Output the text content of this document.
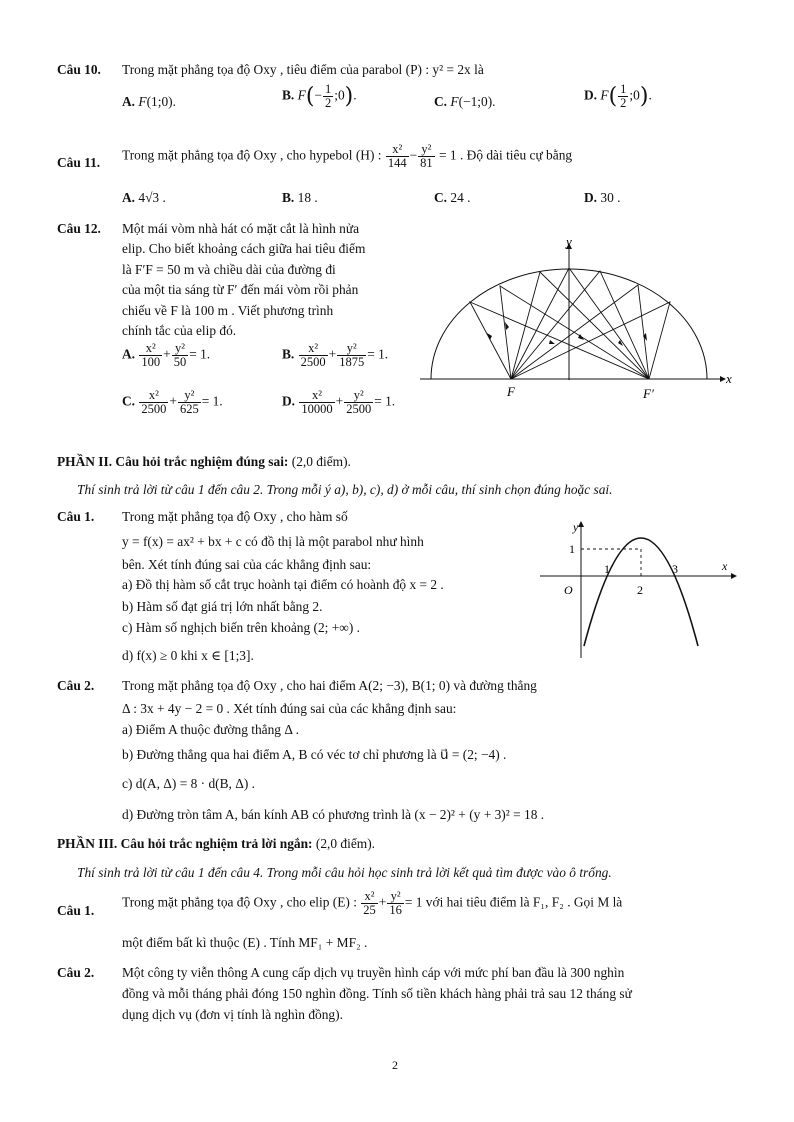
Câu 10. Trong mặt phẳng tọa độ Oxy , tiêu điểm của parabol (P) : y² = 2x là
A. F(1;0).	B. $F(- \frac{1}{2}$ ;0).	C. F(−1;0).	D. $F( \frac{1}{2}$ ;0).
Câu 11. Trong mặt phẳng tọa độ Oxy , cho hypebol (H) : $\frac{\text{x²}}{144} - \frac{\text{y²}}{81} = 1$ . Độ dài tiêu cự bằng
A. 4√3 .	B. 18 .	C. 24 .	D. 30 .
Câu 12. Một mái vòm nhà hát có mặt cắt là hình nửa
elip. Cho biết khoảng cách giữa hai tiêu điểm
là F′F = 50 m và chiều dài của đường đi
của một tia sáng từ F′ đến mái vòm rồi phản
chiếu về F là 100 m . Viết phương trình
chính tắc của elip đó.
A. $\frac{\text{x²}}{100} + \frac{\text{y²}}{50} = 1$.	B. $\frac{\text{x²}}{2500} + \frac{\text{y²}}{1875} = 1$.
C. $\frac{\text{x²}}{2500} + \frac{\text{y²}}{625} = 1$.	D. $\frac{\text{x²}}{10000} + \frac{\text{y²}}{2500} = 1$.
y
x
F	F′
PHẦN II. Câu hỏi trắc nghiệm đúng sai: (2,0 điểm).
Thí sinh trả lời từ câu 1 đến câu 2. Trong mỗi ý a), b), c), d) ở mỗi câu, thí sinh chọn đúng hoặc sai.
Câu 1. Trong mặt phẳng tọa độ Oxy , cho hàm số
y = f(x) = ax² + bx + c có đồ thị là một parabol như hình
bên. Xét tính đúng sai của các khẳng định sau:
a) Đồ thị hàm số cắt trục hoành tại điểm có hoành độ x = 2 .
b) Hàm số đạt giá trị lớn nhất bằng 2.
c) Hàm số nghịch biến trên khoảng (2; +∞) .
d) f(x) ≥ 0 khi x ∈ [1;3].
y
x
O
1
1
2
3
Câu 2. Trong mặt phẳng tọa độ Oxy , cho hai điểm A(2; −3), B(1; 0) và đường thẳng
Δ : 3x + 4y − 2 = 0 . Xét tính đúng sai của các khẳng định sau:
a) Điểm A thuộc đường thẳng Δ .
b) Đường thẳng qua hai điểm A, B có véc tơ chỉ phương là u⃗ = (2; −4) .
c) d(A, Δ) = 8 · d(B, Δ) .
d) Đường tròn tâm A, bán kính AB có phương trình là (x − 2)² + (y + 3)² = 18 .
PHẦN III. Câu hỏi trắc nghiệm trả lời ngắn: (2,0 điểm).
Thí sinh trả lời từ câu 1 đến câu 4. Trong mỗi câu hỏi học sinh trả lời kết quả tìm được vào ô trống.
Câu 1.
Trong mặt phẳng tọa độ Oxy , cho elip (E) : $\frac{\text{x²}}{25} + \frac{\text{y²}}{16} = 1$ với hai tiêu điểm là F₁, F₂ . Gọi M là
một điểm bất kì thuộc (E) . Tính MF₁ + MF₂ .
Câu 2. Một công ty viễn thông A cung cấp dịch vụ truyền hình cáp với mức phí ban đầu là 300 nghìn
đồng và mỗi tháng phải đóng 150 nghìn đồng. Tính số tiền khách hàng phải trả sau 12 tháng sử
dụng dịch vụ (đơn vị tính là nghìn đồng).
2
